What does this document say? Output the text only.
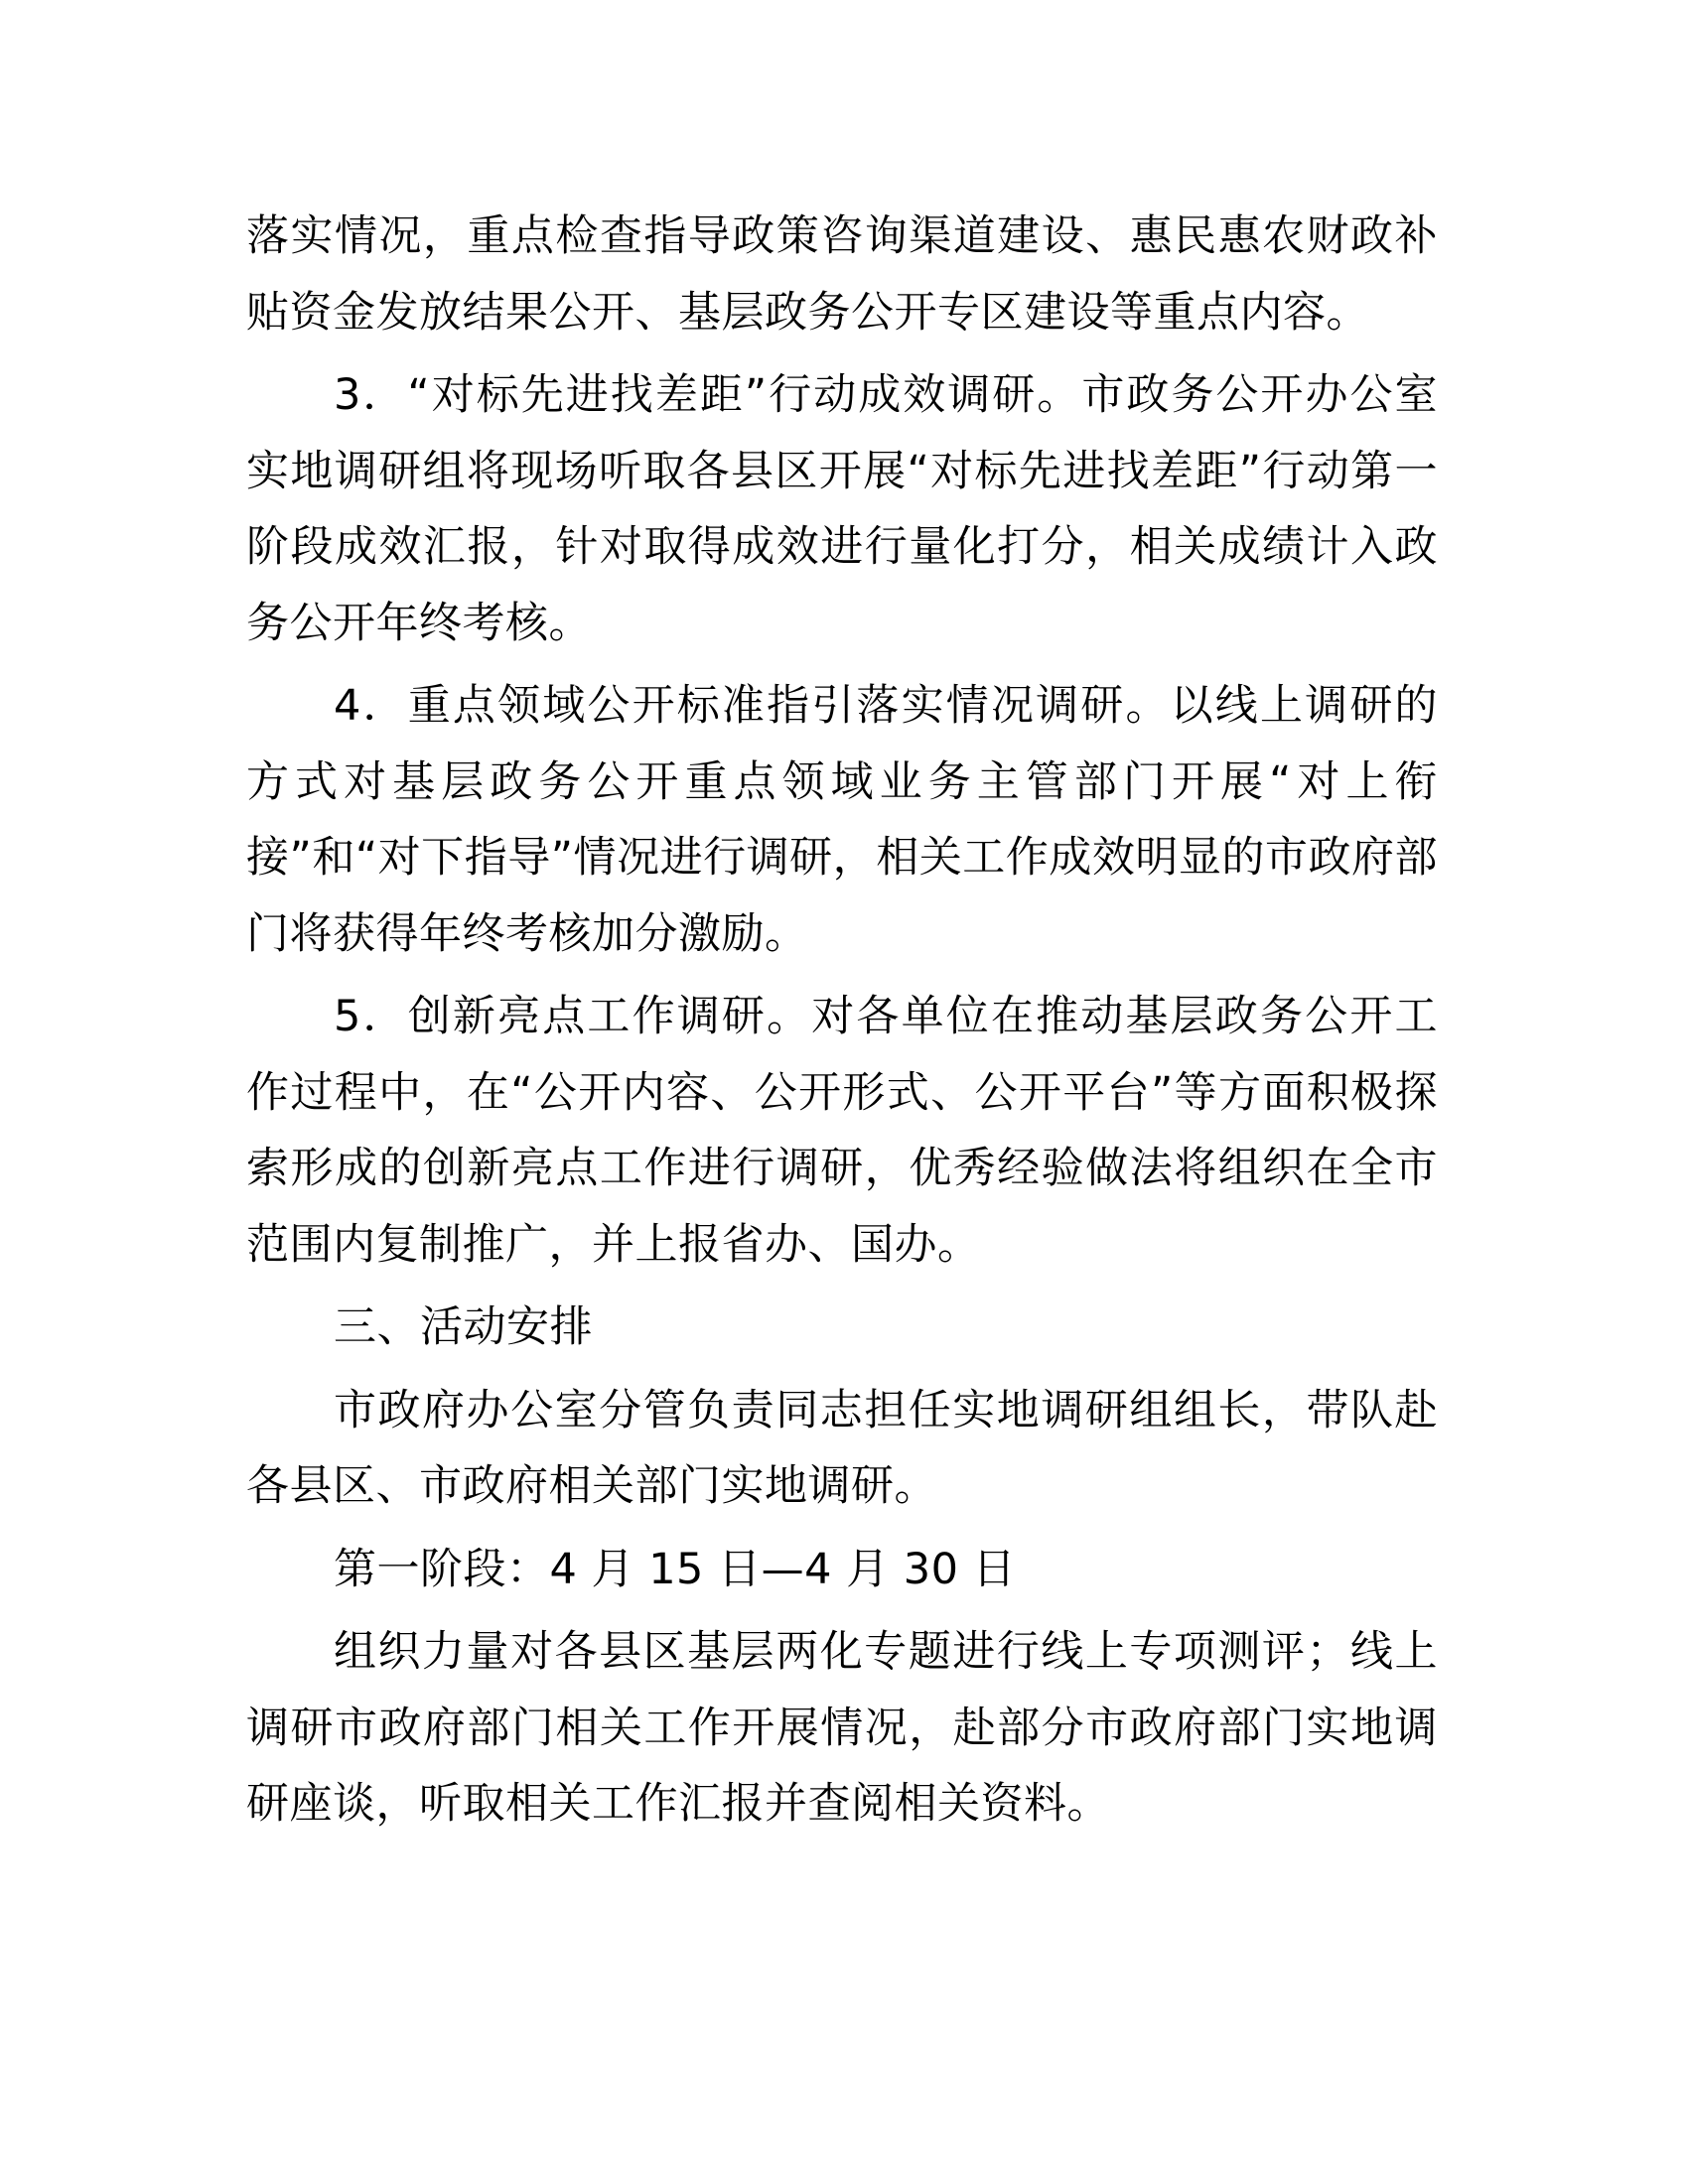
落实情况，重点检查指导政策咨询渠道建设、惠民惠农财政补贴资金发放结果公开、基层政务公开专区建设等重点内容。

3．“对标先进找差距”行动成效调研。市政务公开办公室实地调研组将现场听取各县区开展“对标先进找差距”行动第一阶段成效汇报，针对取得成效进行量化打分，相关成绩计入政务公开年终考核。

4．重点领域公开标准指引落实情况调研。以线上调研的方式对基层政务公开重点领域业务主管部门开展“对上衔接”和“对下指导”情况进行调研，相关工作成效明显的市政府部门将获得年终考核加分激励。

5．创新亮点工作调研。对各单位在推动基层政务公开工作过程中，在“公开内容、公开形式、公开平台”等方面积极探索形成的创新亮点工作进行调研，优秀经验做法将组织在全市范围内复制推广，并上报省办、国办。

三、活动安排

市政府办公室分管负责同志担任实地调研组组长，带队赴各县区、市政府相关部门实地调研。

第一阶段：4 月 15 日—4 月 30 日

组织力量对各县区基层两化专题进行线上专项测评；线上调研市政府部门相关工作开展情况，赴部分市政府部门实地调研座谈，听取相关工作汇报并查阅相关资料。
